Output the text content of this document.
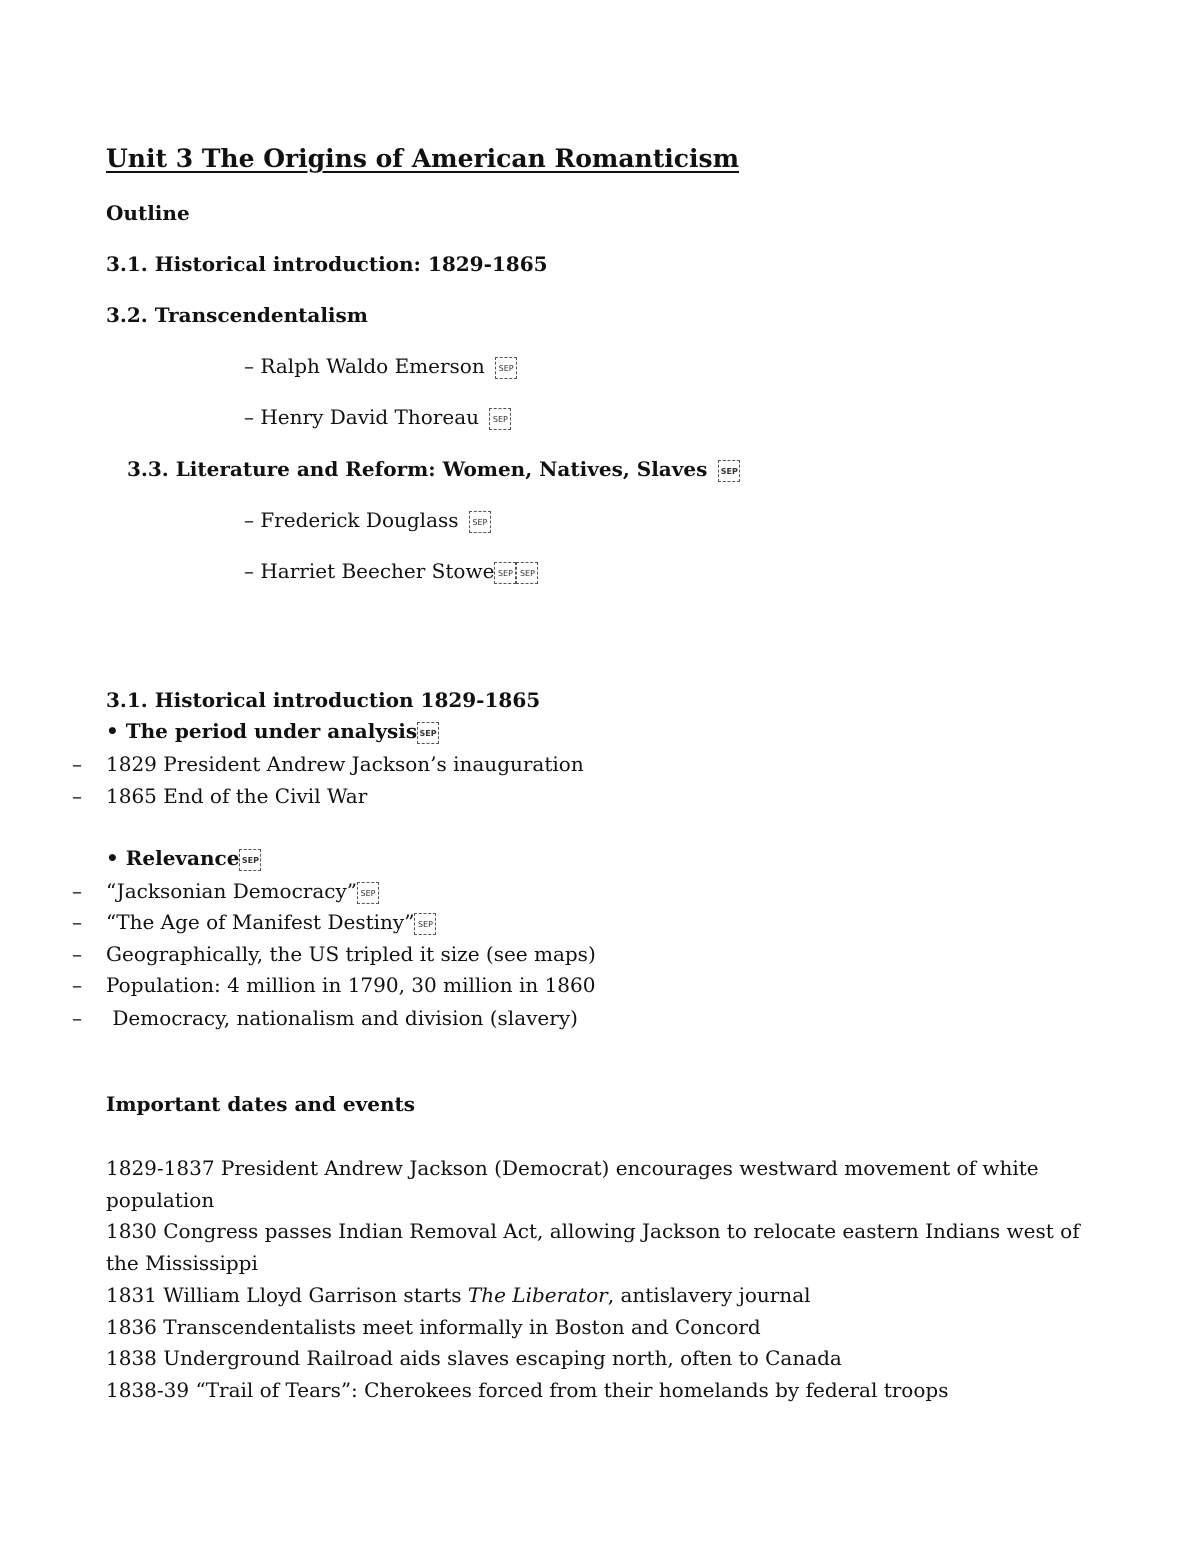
Unit 3 The Origins of American Romanticism
Outline
3.1. Historical introduction: 1829-1865
3.2. Transcendentalism
– Ralph Waldo Emerson SEP
– Henry David Thoreau SEP
3.3. Literature and Reform: Women, Natives, Slaves SEP
– Frederick Douglass SEP
– Harriet Beecher Stowe SEP SEP
3.1. Historical introduction 1829-1865
• The period under analysis SEP
– 1829 President Andrew Jackson’s inauguration
– 1865 End of the Civil War
• Relevance SEP
– “Jacksonian Democracy” SEP
– “The Age of Manifest Destiny” SEP
– Geographically, the US tripled it size (see maps)
– Population: 4 million in 1790, 30 million in 1860
– Democracy, nationalism and division (slavery)
Important dates and events
1829-1837 President Andrew Jackson (Democrat) encourages westward movement of white
population
1830 Congress passes Indian Removal Act, allowing Jackson to relocate eastern Indians west of
the Mississippi
1831 William Lloyd Garrison starts The Liberator, antislavery journal
1836 Transcendentalists meet informally in Boston and Concord
1838 Underground Railroad aids slaves escaping north, often to Canada
1838-39 “Trail of Tears”: Cherokees forced from their homelands by federal troops
